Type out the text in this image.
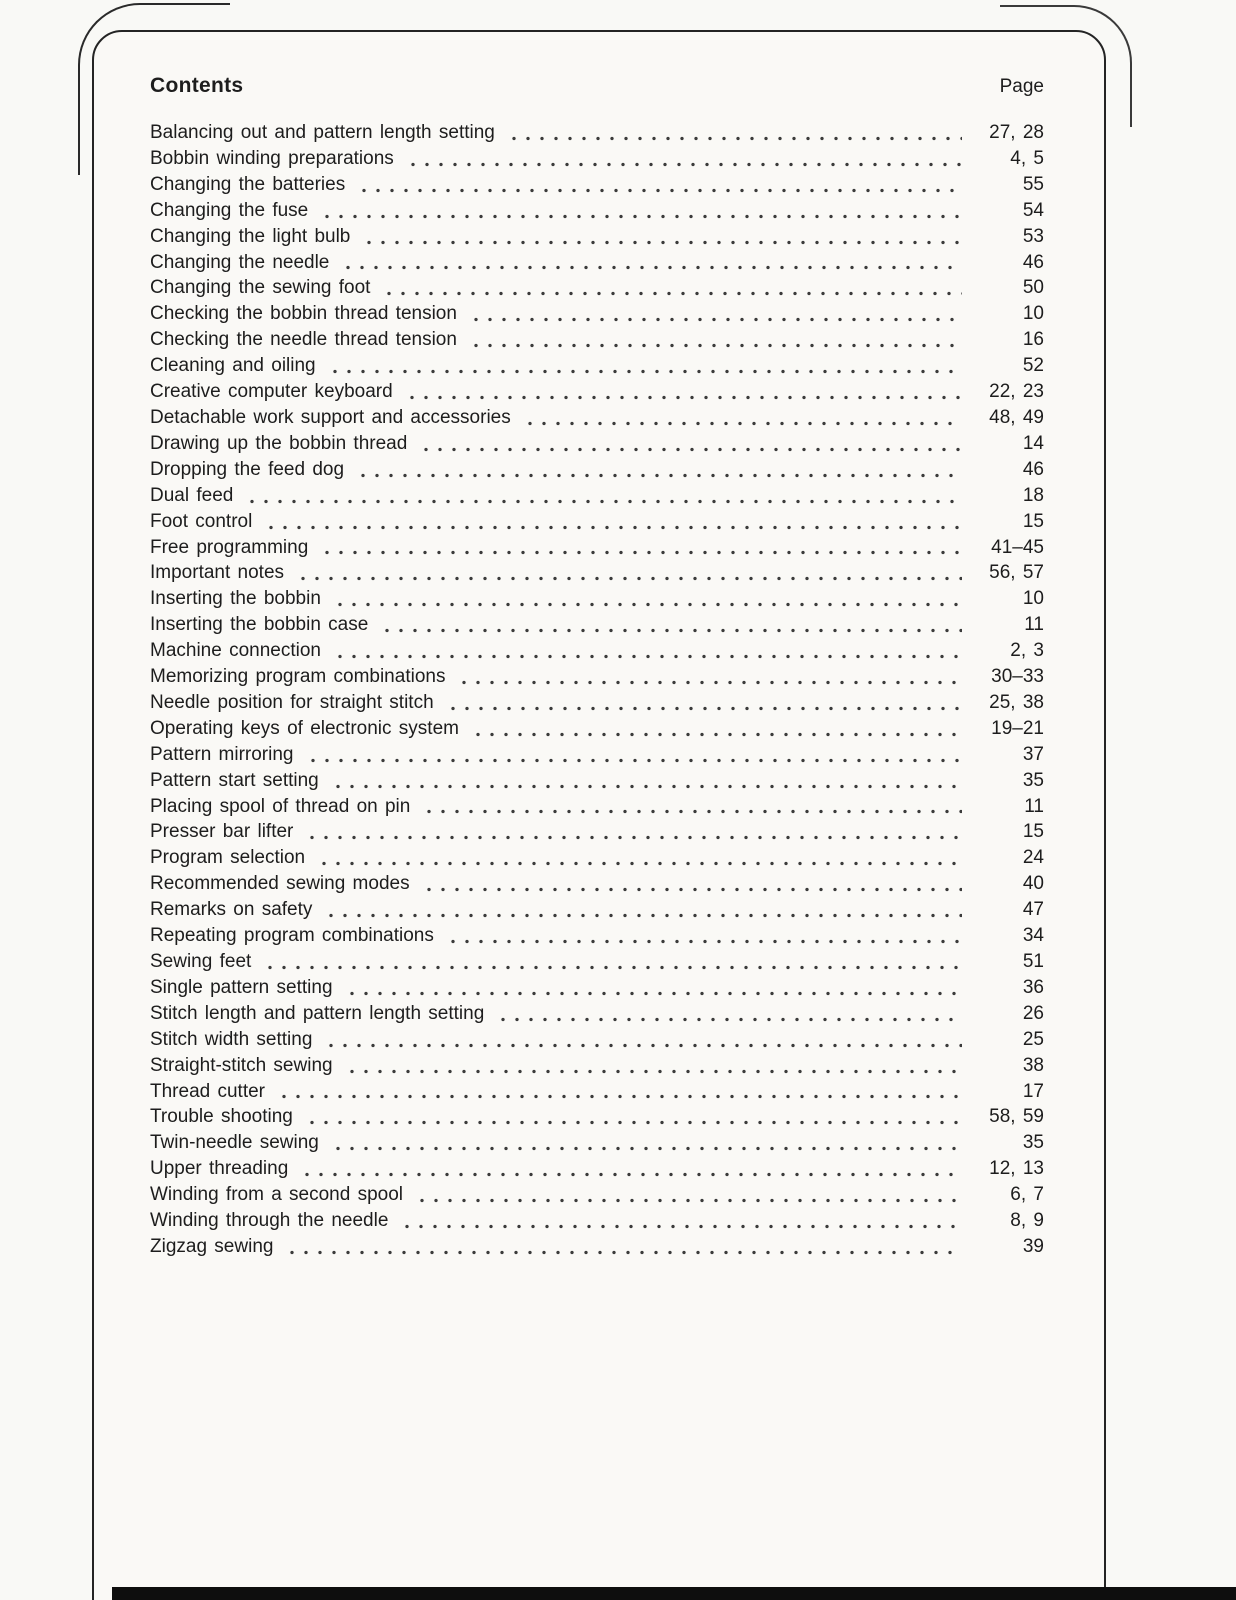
Contents	Page
Balancing out and pattern length setting	27, 28
Bobbin winding preparations	4, 5
Changing the batteries	55
Changing the fuse	54
Changing the light bulb	53
Changing the needle	46
Changing the sewing foot	50
Checking the bobbin thread tension	10
Checking the needle thread tension	16
Cleaning and oiling	52
Creative computer keyboard	22, 23
Detachable work support and accessories	48, 49
Drawing up the bobbin thread	14
Dropping the feed dog	46
Dual feed	18
Foot control	15
Free programming	41–45
Important notes	56, 57
Inserting the bobbin	10
Inserting the bobbin case	11
Machine connection	2, 3
Memorizing program combinations	30–33
Needle position for straight stitch	25, 38
Operating keys of electronic system	19–21
Pattern mirroring	37
Pattern start setting	35
Placing spool of thread on pin	11
Presser bar lifter	15
Program selection	24
Recommended sewing modes	40
Remarks on safety	47
Repeating program combinations	34
Sewing feet	51
Single pattern setting	36
Stitch length and pattern length setting	26
Stitch width setting	25
Straight-stitch sewing	38
Thread cutter	17
Trouble shooting	58, 59
Twin-needle sewing	35
Upper threading	12, 13
Winding from a second spool	6, 7
Winding through the needle	8, 9
Zigzag sewing	39
